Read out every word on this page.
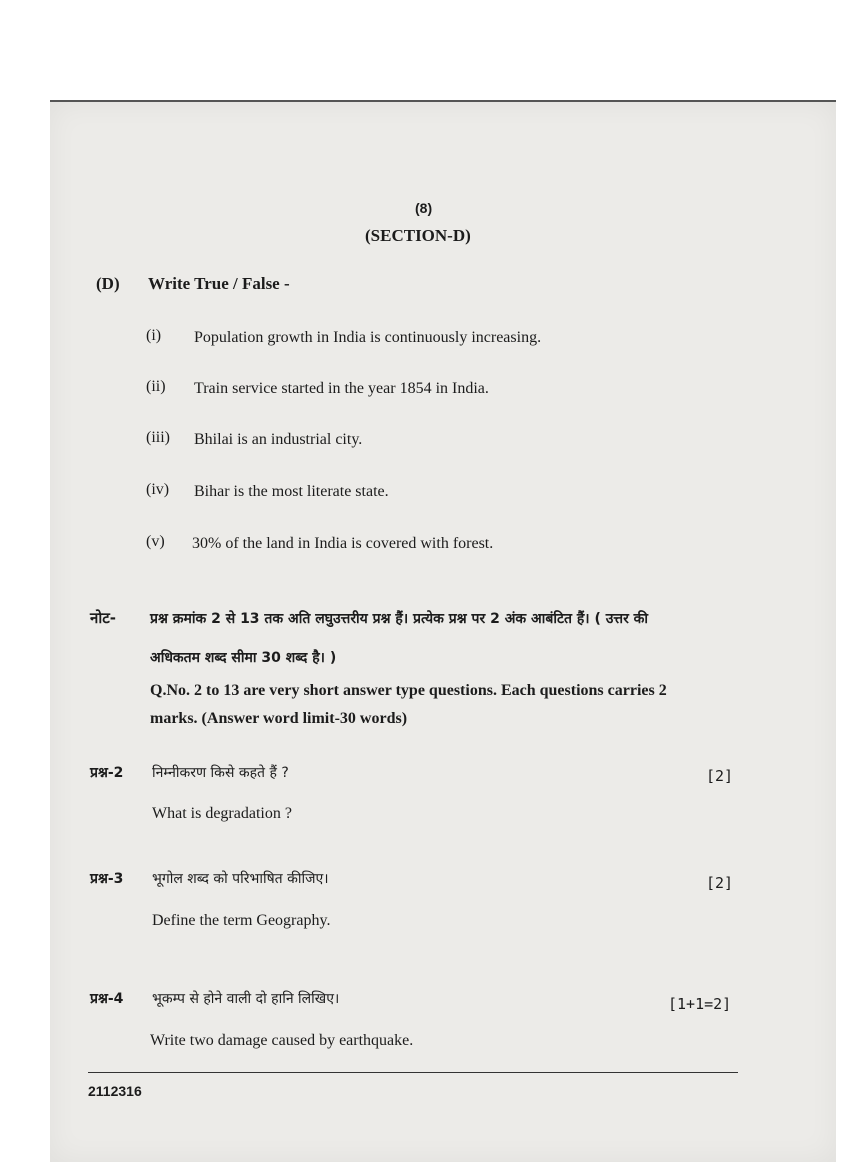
(8)
(SECTIΟN-D)
(D) Write True / False -
(i) Population growth in India is continuously increasing.
(ii) Train service started in the year 1854 in India.
(iii) Bhilai is an industrial city.
(iv) Bihar is the most literate state.
(v) 30% of the land in India is covered with forest.
नोट- प्रश्न क्रमांक 2 से 13 तक अति लघुउत्तरीय प्रश्न हैं। प्रत्येक प्रश्न पर 2 अंक आबंटित हैं। ( उत्तर की
अधिकतम शब्द सीमा 30 शब्द है। )
Q.No. 2 to 13 are very short answer type questions. Each questions carries 2
marks. (Answer word limit-30 words)
प्रश्न-2 निम्नीकरण किसे कहते हैं ?	[2]
What is degradation ?
प्रश्न-3 भूगोल शब्द को परिभाषित कीजिए।	[2]
Define the term Geography.
प्रश्न-4 भूकम्प से होने वाली दो हानि लिखिए।	[1+1=2]
Write two damage caused by earthquake.
2112316
